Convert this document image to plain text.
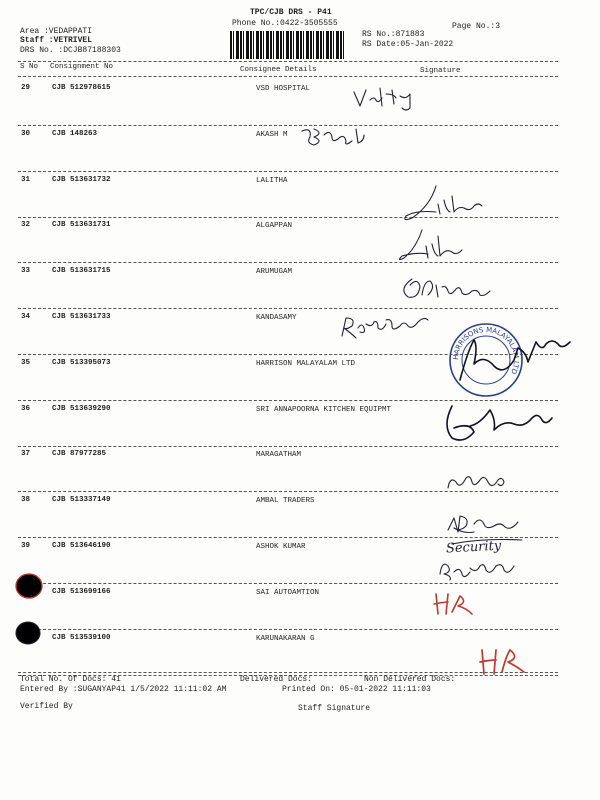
TPC/CJB DRS - P41
Phone No.:0422-3505555	Page No.:3
Area :VEDAPPATI
Staff :VETRIVEL
DRS No. :DCJB87188303
RS No.:871883
RS Date:05-Jan-2022
S No Consignment No	Consignee Details	Signature
29	CJB 512978615	VSD HOSPITAL
30	CJB 148263	AKASH M
31	CJB 513631732	LALITHA
32	CJB 513631731	ALGAPPAN
33	CJB 513631715	ARUMUGAM
34	CJB 513631733	KANDASAMY
35	CJB 513395073	HARRISON MALAYALAM LTD
36	CJB 513639290	SRI ANNAPOORNA KITCHEN EQUIPMT
37	CJB 87977285	MARAGATHAM
38	CJB 513337149	AMBAL TRADERS
39	CJB 513646190	ASHOK KUMAR
CJB 513699166	SAI AUTOAMTION
CJB 513539100	KARUNAKARAN G
HARRISONS MALAYALAM LTD
Security
Total No. Of Docs: 41	Delivered Docs:	Non Delivered Docs:
Entered By :SUGANYAP41 1/5/2022 11:11:02 AM	Printed On: 05-01-2022 11:11:03
Verified By	Staff Signature
